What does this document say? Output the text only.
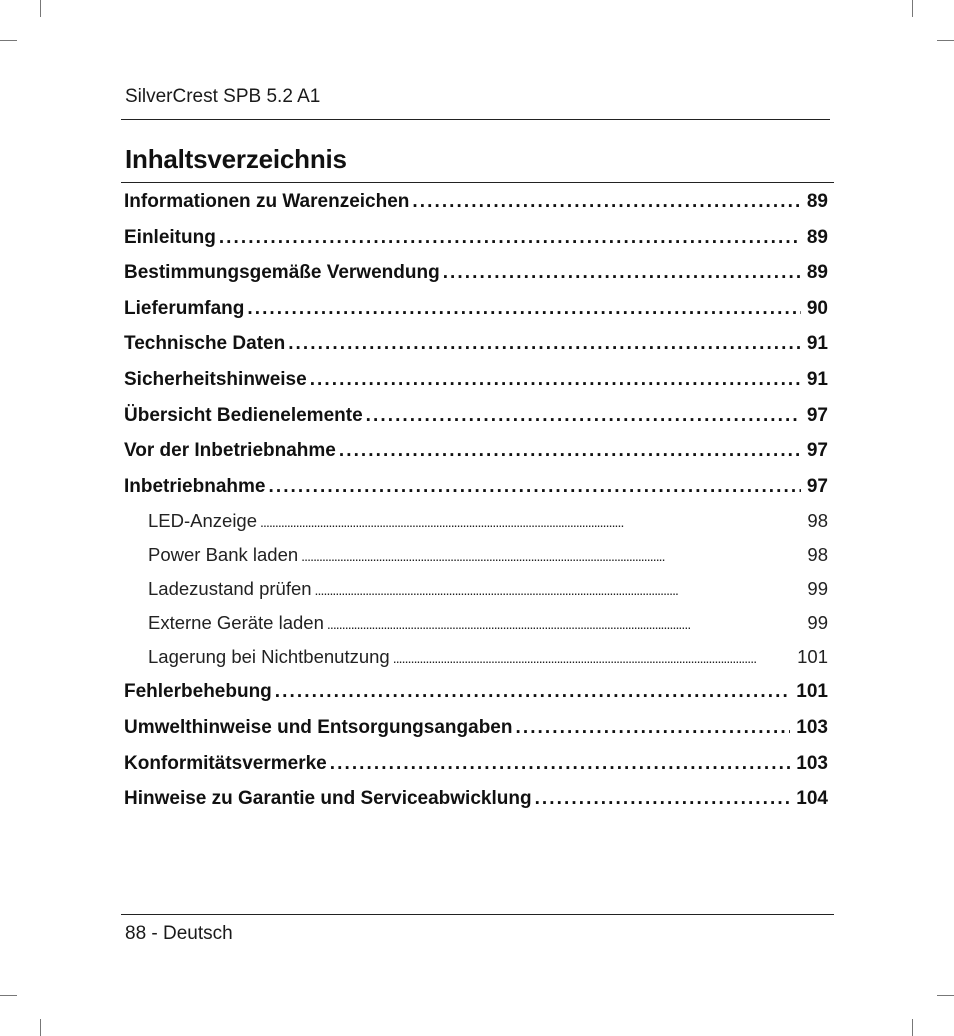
SilverCrest SPB 5.2 A1
Inhaltsverzeichnis
Informationen zu Warenzeichen . . .	89
Einleitung . . .	89
Bestimmungsgemäße Verwendung . . .	89
Lieferumfang . . .	90
Technische Daten . . .	91
Sicherheitshinweise . . .	91
Übersicht Bedienelemente . . .	97
Vor der Inbetriebnahme . . .	97
Inbetriebnahme . . .	97
LED-Anzeige . . .	98
Power Bank laden . . .	98
Ladezustand prüfen . . .	99
Externe Geräte laden . . .	99
Lagerung bei Nichtbenutzung . . .	101
Fehlerbehebung . . .	101
Umwelthinweise und Entsorgungsangaben . . .	103
Konformitätsvermerke . . .	103
Hinweise zu Garantie und Serviceabwicklung . . .	104
88 - Deutsch
